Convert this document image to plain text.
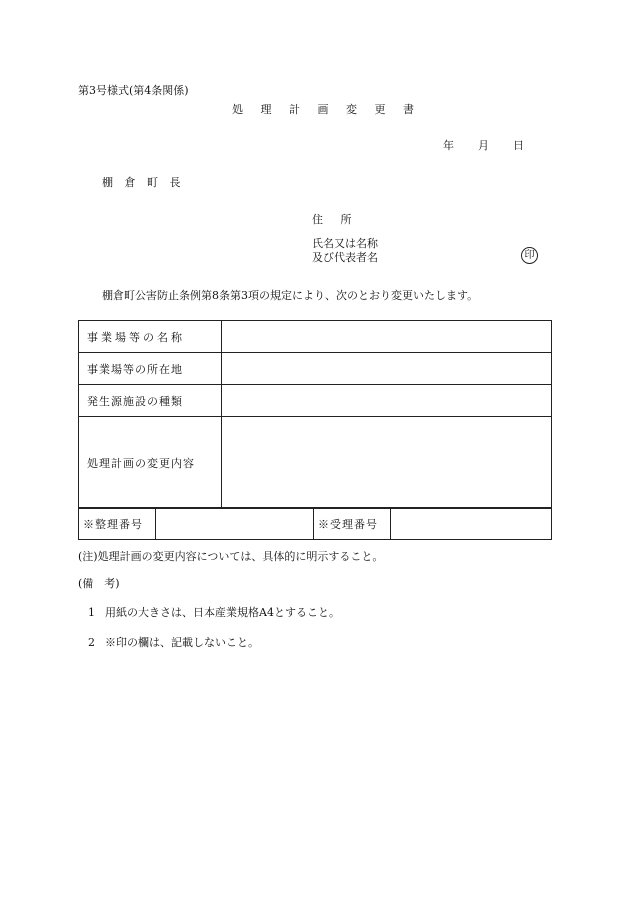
第3号様式(第4条関係)
処 理 計 画 変 更 書
年 月 日
棚 倉 町 長
住 所
氏名又は名称
及び代表者名	印
棚倉町公害防止条例第8条第3項の規定により、次のとおり変更いたします。
事業場等の名称	
事業場等の所在地	
発生源施設の種類	
処理計画の変更内容	
※整理番号		※受理番号	
(注)処理計画の変更内容については、具体的に明示すること。
(備　考)
1 用紙の大きさは、日本産業規格A4とすること。
2 ※印の欄は、記載しないこと。
